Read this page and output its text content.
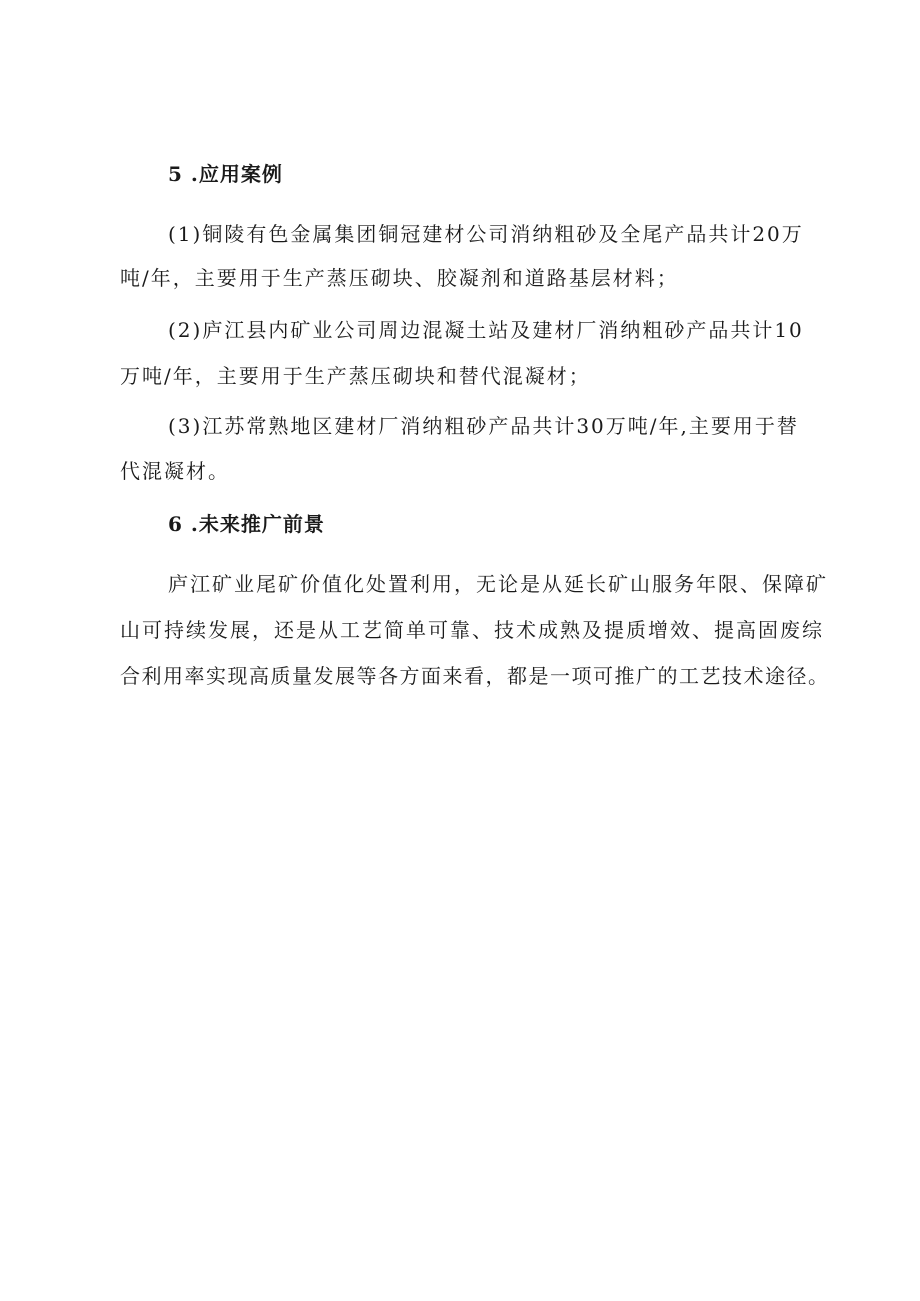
5 .应用案例
(1)铜陵有色金属集团铜冠建材公司消纳粗砂及全尾产品共计20万
吨/年，主要用于生产蒸压砌块、胶凝剂和道路基层材料；
(2)庐江县内矿业公司周边混凝土站及建材厂消纳粗砂产品共计10
万吨/年，主要用于生产蒸压砌块和替代混凝材；
(3)江苏常熟地区建材厂消纳粗砂产品共计30万吨/年,主要用于替
代混凝材。
6 .未来推广前景
庐江矿业尾矿价值化处置利用，无论是从延长矿山服务年限、保障矿
山可持续发展，还是从工艺简单可靠、技术成熟及提质增效、提高固废综
合利用率实现高质量发展等各方面来看，都是一项可推广的工艺技术途径。
